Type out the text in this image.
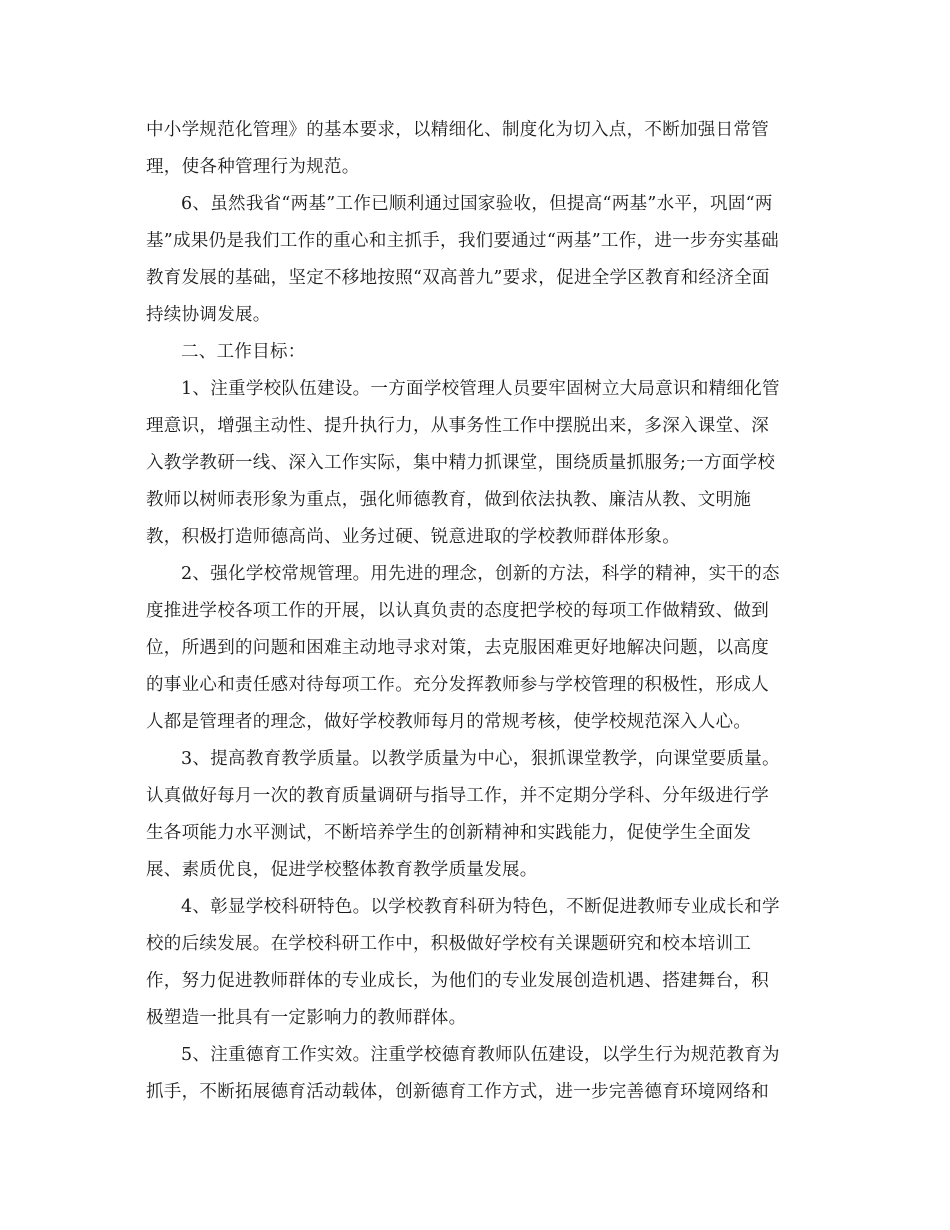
中小学规范化管理》的基本要求，以精细化、制度化为切入点，不断加强日常管
理，使各种管理行为规范。
6、虽然我省“两基”工作已顺利通过国家验收，但提高“两基”水平，巩固“两
基”成果仍是我们工作的重心和主抓手，我们要通过“两基”工作，进一步夯实基础
教育发展的基础，坚定不移地按照“双高普九”要求，促进全学区教育和经济全面
持续协调发展。
二、工作目标：
1、注重学校队伍建设。一方面学校管理人员要牢固树立大局意识和精细化管
理意识，增强主动性、提升执行力，从事务性工作中摆脱出来，多深入课堂、深
入教学教研一线、深入工作实际，集中精力抓课堂，围绕质量抓服务;一方面学校
教师以树师表形象为重点，强化师德教育，做到依法执教、廉洁从教、文明施
教，积极打造师德高尚、业务过硬、锐意进取的学校教师群体形象。
2、强化学校常规管理。用先进的理念，创新的方法，科学的精神，实干的态
度推进学校各项工作的开展，以认真负责的态度把学校的每项工作做精致、做到
位，所遇到的问题和困难主动地寻求对策，去克服困难更好地解决问题，以高度
的事业心和责任感对待每项工作。充分发挥教师参与学校管理的积极性，形成人
人都是管理者的理念，做好学校教师每月的常规考核，使学校规范深入人心。
3、提高教育教学质量。以教学质量为中心，狠抓课堂教学，向课堂要质量。
认真做好每月一次的教育质量调研与指导工作，并不定期分学科、分年级进行学
生各项能力水平测试，不断培养学生的创新精神和实践能力，促使学生全面发
展、素质优良，促进学校整体教育教学质量发展。
4、彰显学校科研特色。以学校教育科研为特色，不断促进教师专业成长和学
校的后续发展。在学校科研工作中，积极做好学校有关课题研究和校本培训工
作，努力促进教师群体的专业成长，为他们的专业发展创造机遇、搭建舞台，积
极塑造一批具有一定影响力的教师群体。
5、注重德育工作实效。注重学校德育教师队伍建设，以学生行为规范教育为
抓手，不断拓展德育活动载体，创新德育工作方式，进一步完善德育环境网络和
